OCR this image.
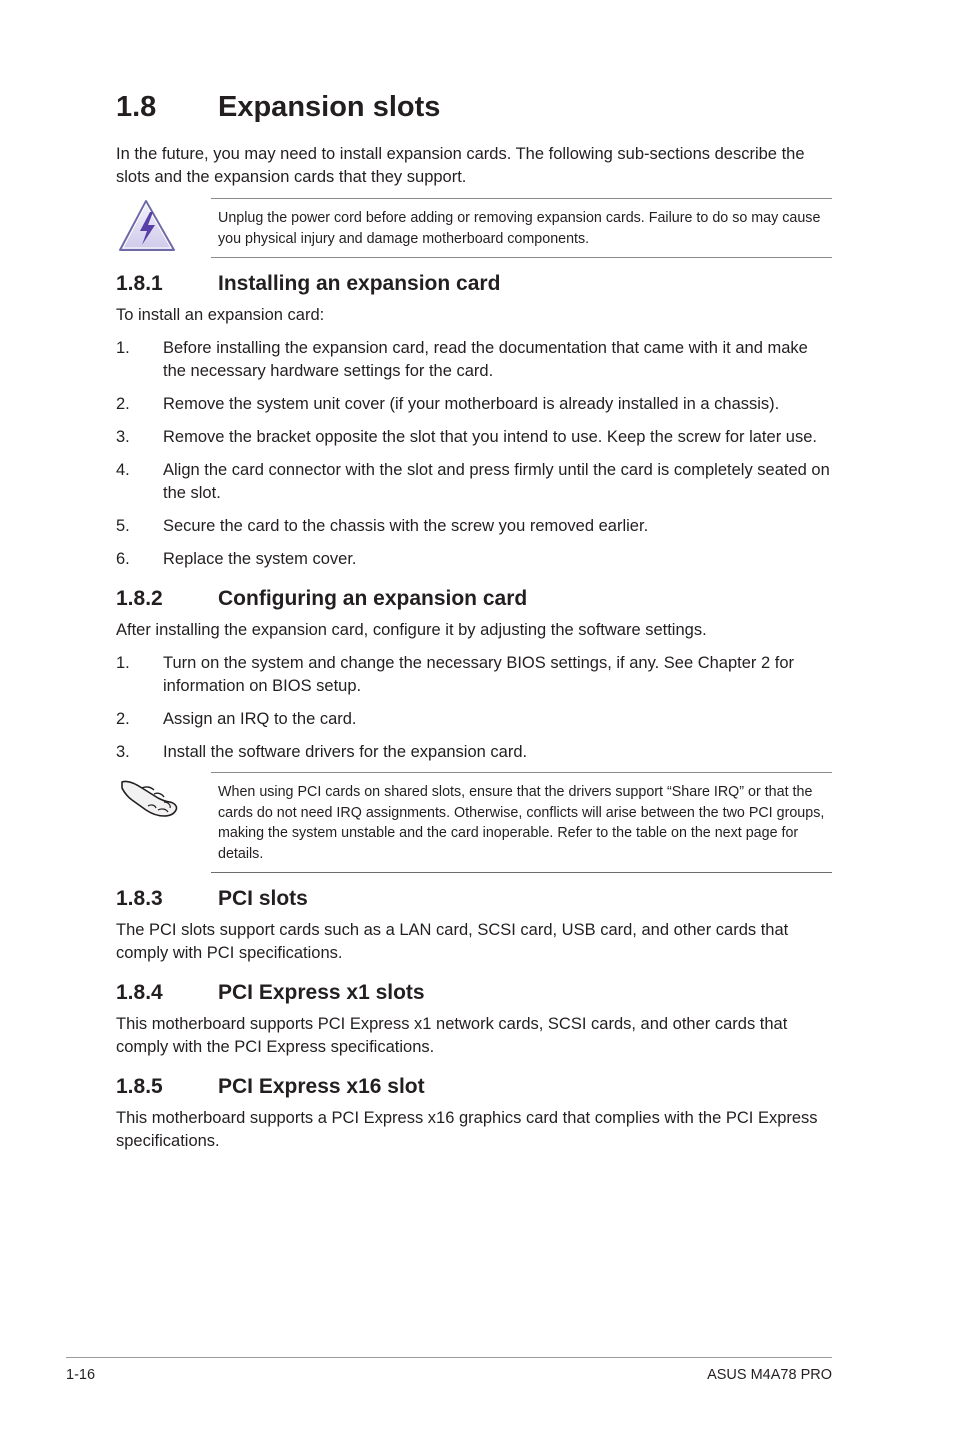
1.8	Expansion slots

In the future, you may need to install expansion cards. The following sub-sections describe the slots and the expansion cards that they support.

Unplug the power cord before adding or removing expansion cards. Failure to do so may cause you physical injury and damage motherboard components.
1.8.1	Installing an expansion card

To install an expansion card:

1.	Before installing the expansion card, read the documentation that came with it and make the necessary hardware settings for the card.
2.	Remove the system unit cover (if your motherboard is already installed in a chassis).
3.	Remove the bracket opposite the slot that you intend to use. Keep the screw for later use.
4.	Align the card connector with the slot and press firmly until the card is completely seated on the slot.
5.	Secure the card to the chassis with the screw you removed earlier.
6.	Replace the system cover.
1.8.2	Configuring an expansion card

After installing the expansion card, configure it by adjusting the software settings.

1.	Turn on the system and change the necessary BIOS settings, if any. See Chapter 2 for information on BIOS setup.
2.	Assign an IRQ to the card.
3.	Install the software drivers for the expansion card.
When using PCI cards on shared slots, ensure that the drivers support “Share IRQ” or that the cards do not need IRQ assignments. Otherwise, conflicts will arise between the two PCI groups, making the system unstable and the card inoperable. Refer to the table on the next page for details.
1.8.3	PCI slots

The PCI slots support cards such as a LAN card, SCSI card, USB card, and other cards that comply with PCI specifications.

1.8.4	PCI Express x1 slots

This motherboard supports PCI Express x1 network cards, SCSI cards, and other cards that comply with the PCI Express specifications.

1.8.5	PCI Express x16 slot

This motherboard supports a PCI Express x16 graphics card that complies with the PCI Express specifications.

1-16	ASUS M4A78 PRO
